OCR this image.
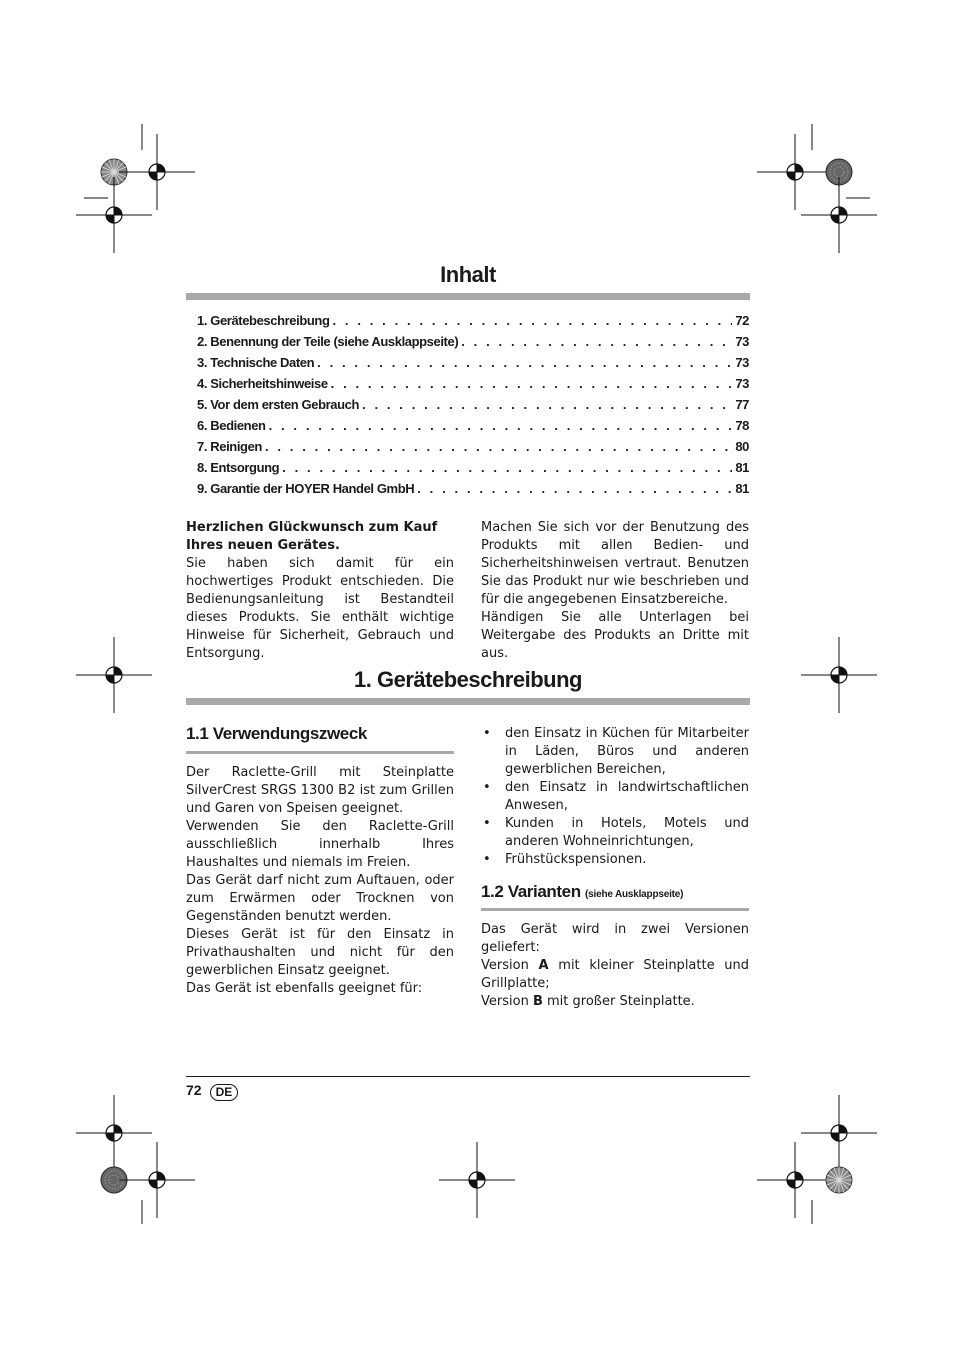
Inhalt
1. Gerätebeschreibung . . .	72
2. Benennung der Teile (siehe Ausklappseite) . . .	73
3. Technische Daten . . .	73
4. Sicherheitshinweise . . .	73
5. Vor dem ersten Gebrauch . . .	77
6. Bedienen . . .	78
7. Reinigen . . .	80
8. Entsorgung . . .	81
9. Garantie der HOYER Handel GmbH . . .	81
Herzlichen Glückwunsch zum Kauf Ihres neuen Gerätes.

Sie haben sich damit für ein hochwertiges Produkt entschieden. Die Bedienungsanleitung ist Bestandteil dieses Produkts. Sie enthält wichtige Hinweise für Sicherheit, Gebrauch und Entsorgung.

Machen Sie sich vor der Benutzung des Produkts mit allen Bedien- und Sicherheitshinweisen vertraut. Benutzen Sie das Produkt nur wie beschrieben und für die angegebenen Einsatzbereiche.

Händigen Sie alle Unterlagen bei Weitergabe des Produkts an Dritte mit aus.

1. Gerätebeschreibung
1.1 Verwendungszweck

Der Raclette-Grill mit Steinplatte SilverCrest SRGS 1300 B2 ist zum Grillen und Garen von Speisen geeignet.

Verwenden Sie den Raclette-Grill ausschließlich innerhalb Ihres Haushaltes und niemals im Freien.

Das Gerät darf nicht zum Auftauen, oder zum Erwärmen oder Trocknen von Gegenständen benutzt werden.

Dieses Gerät ist für den Einsatz in Privathaushalten und nicht für den gewerblichen Einsatz geeignet.

Das Gerät ist ebenfalls geeignet für:

• den Einsatz in Küchen für Mitarbeiter in Läden, Büros und anderen gewerblichen Bereichen,
• den Einsatz in landwirtschaftlichen Anwesen,
• Kunden in Hotels, Motels und anderen Wohneinrichtungen,
• Frühstückspensionen.
1.2 Varianten (siehe Ausklappseite)

Das Gerät wird in zwei Versionen geliefert:

Version A mit kleiner Steinplatte und Grillplatte;

Version B mit großer Steinplatte.

72	DE
